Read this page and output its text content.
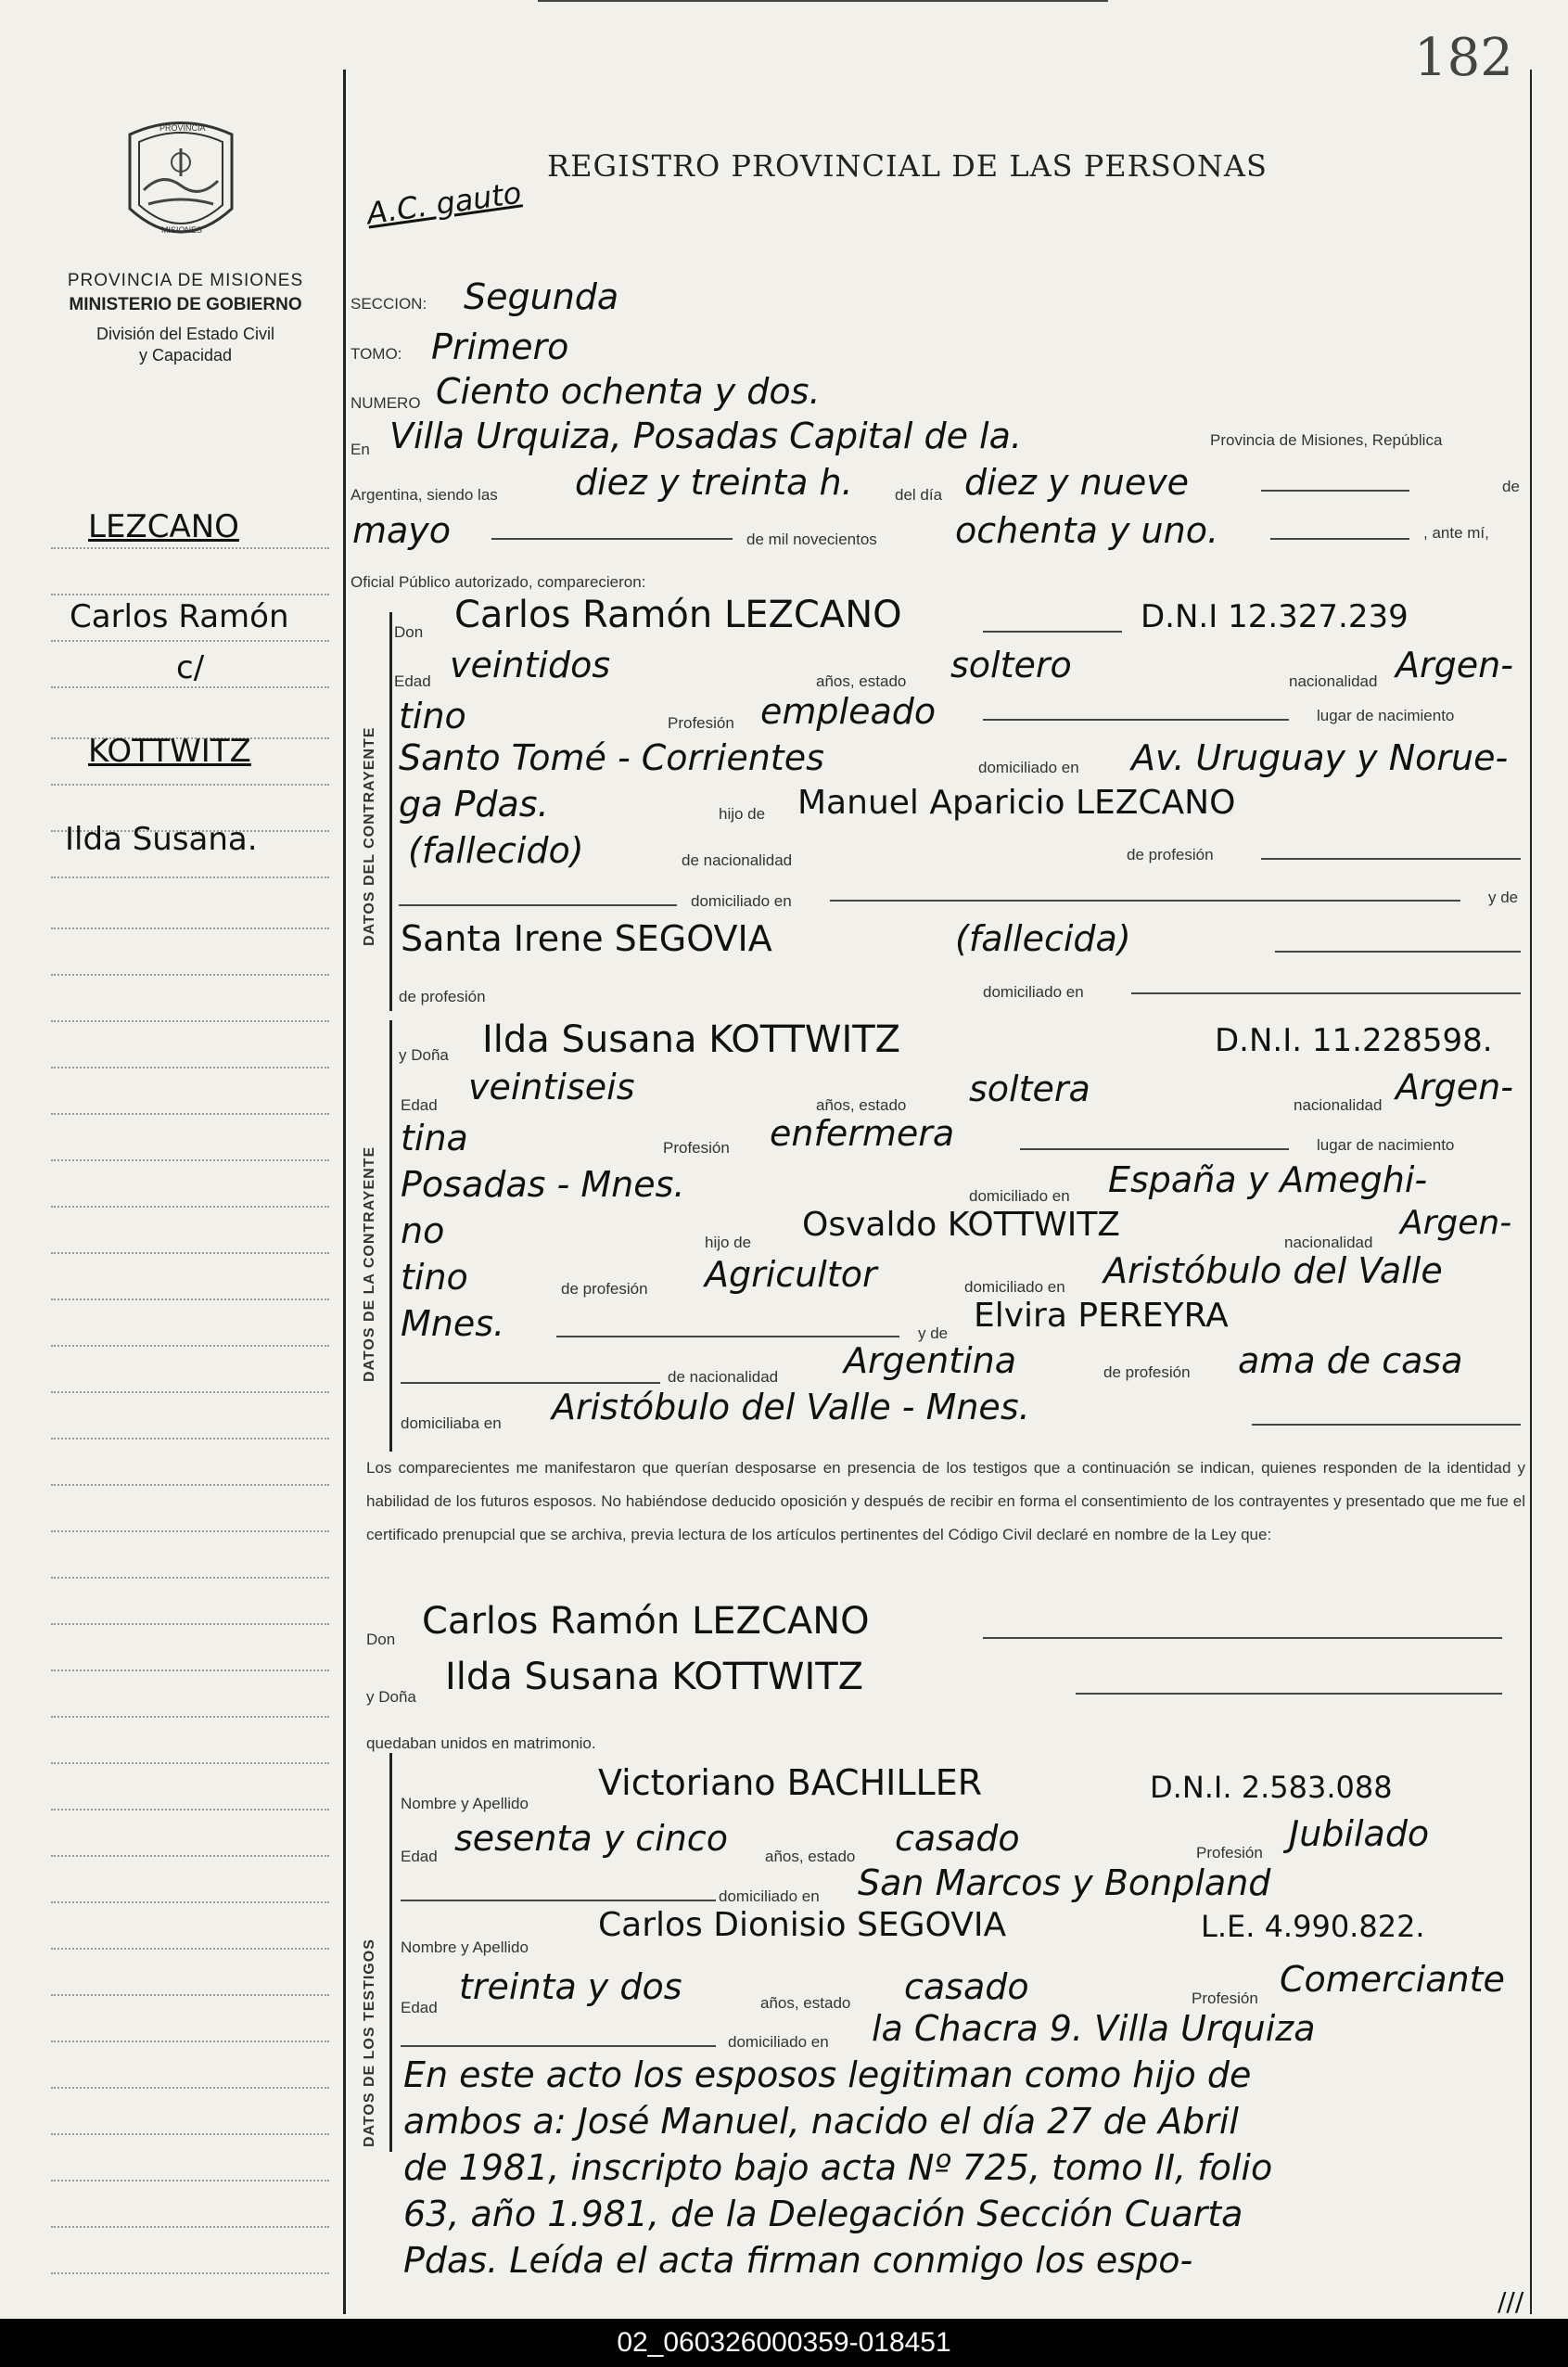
182
PROVINCIA
MISIONES
PROVINCIA DE MISIONES
MINISTERIO DE GOBIERNO
División del Estado Civil
y Capacidad
DATOS DEL CONTRAYENTE
DATOS DE LA CONTRAYENTE
DATOS DE LOS TESTIGOS
LEZCANO
Carlos Ramón
c/
KOTTWITZ
Ilda Susana.
A.C. gauto
REGISTRO PROVINCIAL DE LAS PERSONAS
SECCION: Segunda
TOMO: Primero
NUMERO Ciento ochenta y dos.
En Villa Urquiza, Posadas Capital de la.	Provincia de Misiones, República
Argentina, siendo las diez y treinta h.	del día diez y nueve	de
mayo	de mil novecientos ochenta y uno.	, ante mí,
Oficial Público autorizado, comparecieron:
Don Carlos Ramón LEZCANO	D.N.I 12.327.239
Edad veintidos	años, estado soltero	nacionalidad Argen-
tino	Profesión empleado	lugar de nacimiento
Santo Tomé - Corrientes	domiciliado en Av. Uruguay y Norue-
ga Pdas.	hijo de Manuel Aparicio LEZCANO
(fallecido)	de nacionalidad	de profesión
domiciliado en	y de
Santa Irene SEGOVIA	(fallecida)
de profesión	domiciliado en
y Doña Ilda Susana KOTTWITZ	D.N.I. 11.228598.
Edad veintiseis	años, estado soltera	nacionalidad Argen-
tina	Profesión enfermera	lugar de nacimiento
Posadas - Mnes.	domiciliado en España y Ameghi-
no	hijo de Osvaldo KOTTWITZ	nacionalidad
Argen-
tino	de profesión Agricultor	domiciliado en Aristóbulo del Valle
Mnes.	y de Elvira PEREYRA
de nacionalidad Argentina	de profesión ama de casa
domiciliaba en Aristóbulo del Valle - Mnes.
Los comparecientes me manifestaron que querían desposarse en presencia de los testigos que a continuación se indican, quienes responden de la identidad y habilidad de los futuros esposos. No habiéndose deducido oposición y después de recibir en forma el consentimiento de los contrayentes y presentado que me fue el certificado prenupcial que se archiva, previa lectura de los artículos pertinentes del Código Civil declaré en nombre de la Ley que:
Don Carlos Ramón LEZCANO
y Doña Ilda Susana KOTTWITZ
quedaban unidos en matrimonio.
Nombre y Apellido
Victoriano BACHILLER	D.N.I. 2.583.088
Edad sesenta y cinco años, estado casado	Profesión Jubilado
domiciliado en San Marcos y Bonpland
Nombre y Apellido
Carlos Dionisio SEGOVIA	L.E. 4.990.822.
Edad
treinta y dos	años, estado casado	Profesión Comerciante
domiciliado en la Chacra 9. Villa Urquiza
En este acto los esposos legitiman como hijo de
ambos a: José Manuel, nacido el día 27 de Abril
de 1981, inscripto bajo acta Nº 725, tomo II, folio
63, año 1.981, de la Delegación Sección Cuarta
Pdas. Leída el acta firman conmigo los espo-
///
02_060326000359-018451
